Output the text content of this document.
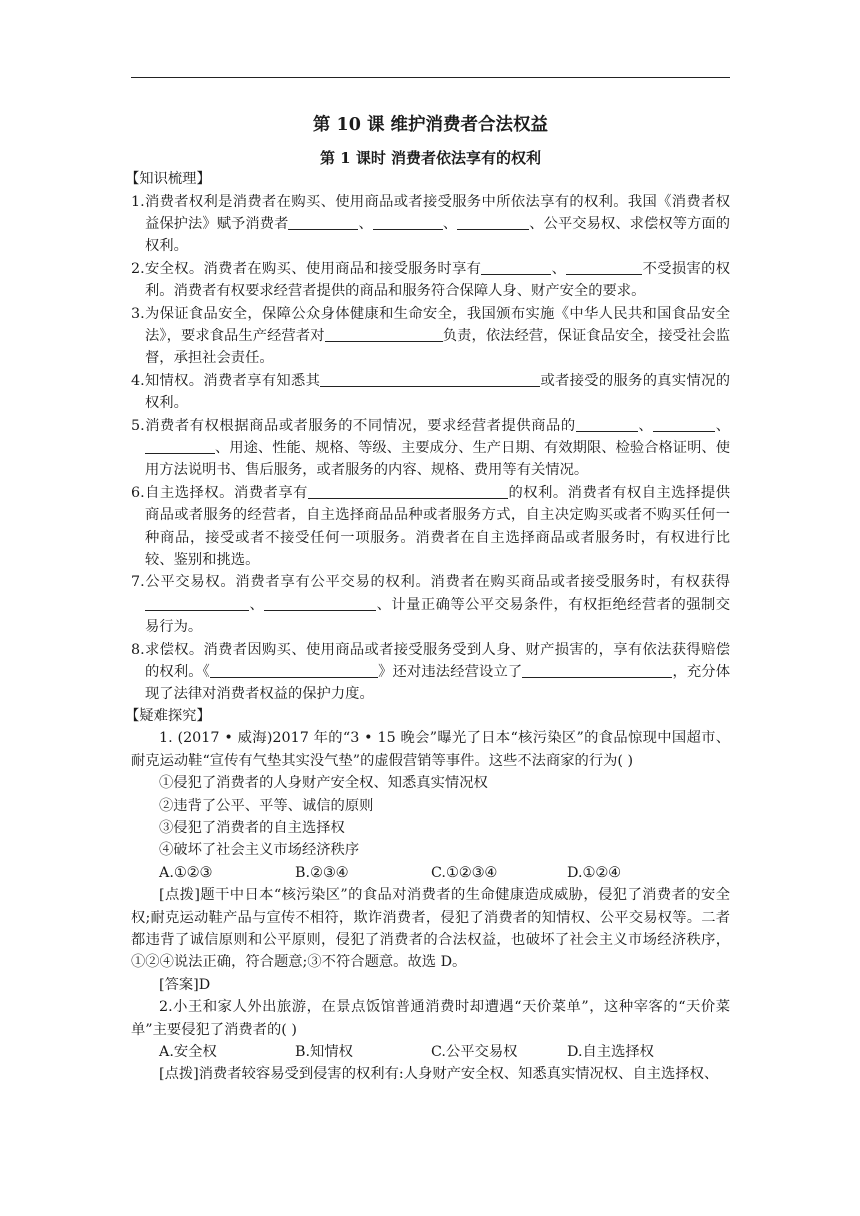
第 10 课 维护消费者合法权益

第 1 课时 消费者依法享有的权利

【知识梳理】

1.消费者权利是消费者在购买、使用商品或者接受服务中所依法享有的权利。我国《消费者权益保护法》赋予消费者	、	、	、公平交易权、求偿权等方面的权利。

2.安全权。消费者在购买、使用商品和接受服务时享有	、	不受损害的权利。消费者有权要求经营者提供的商品和服务符合保障人身、财产安全的要求。

3.为保证食品安全，保障公众身体健康和生命安全，我国颁布实施《中华人民共和国食品安全法》，要求食品生产经营者对	负责，依法经营，保证食品安全，接受社会监督，承担社会责任。

4.知情权。消费者享有知悉其	或者接受的服务的真实情况的权利。

5.消费者有权根据商品或者服务的不同情况，要求经营者提供商品的	、	、、用途、性能、规格、等级、主要成分、生产日期、有效期限、检验合格证明、使用方法说明书、售后服务，或者服务的内容、规格、费用等有关情况。

6.自主选择权。消费者享有	的权利。消费者有权自主选择提供商品或者服务的经营者，自主选择商品品种或者服务方式，自主决定购买或者不购买任何一种商品，接受或者不接受任何一项服务。消费者在自主选择商品或者服务时，有权进行比较、鉴别和挑选。

7.公平交易权。消费者享有公平交易的权利。消费者在购买商品或者接受服务时，有权获得、	、计量正确等公平交易条件，有权拒绝经营者的强制交易行为。

8.求偿权。消费者因购买、使用商品或者接受服务受到人身、财产损害的，享有依法获得赔偿的权利。《	》还对违法经营设立了	，充分体现了法律对消费者权益的保护力度。

【疑难探究】

1. (2017 • 威海)2017 年的“3 • 15 晚会”曝光了日本“核污染区”的食品惊现中国超市、耐克运动鞋“宣传有气垫其实没气垫”的虚假营销等事件。这些不法商家的行为( )

①侵犯了消费者的人身财产安全权、知悉真实情况权

②违背了公平、平等、诚信的原则

③侵犯了消费者的自主选择权

④破坏了社会主义市场经济秩序

A.①②③	B.②③④	C.①②③④	D.①②④

[点拨]题干中日本“核污染区”的食品对消费者的生命健康造成威胁，侵犯了消费者的安全权;耐克运动鞋产品与宣传不相符，欺诈消费者，侵犯了消费者的知情权、公平交易权等。二者都违背了诚信原则和公平原则，侵犯了消费者的合法权益，也破坏了社会主义市场经济秩序，①②④说法正确，符合题意;③不符合题意。故选 D。

[答案]D

2.小王和家人外出旅游，在景点饭馆普通消费时却遭遇“天价菜单”，这种宰客的“天价菜单”主要侵犯了消费者的( )

A.安全权	B.知情权	C.公平交易权	D.自主选择权

[点拨]消费者较容易受到侵害的权利有:人身财产安全权、知悉真实情况权、自主选择权、
